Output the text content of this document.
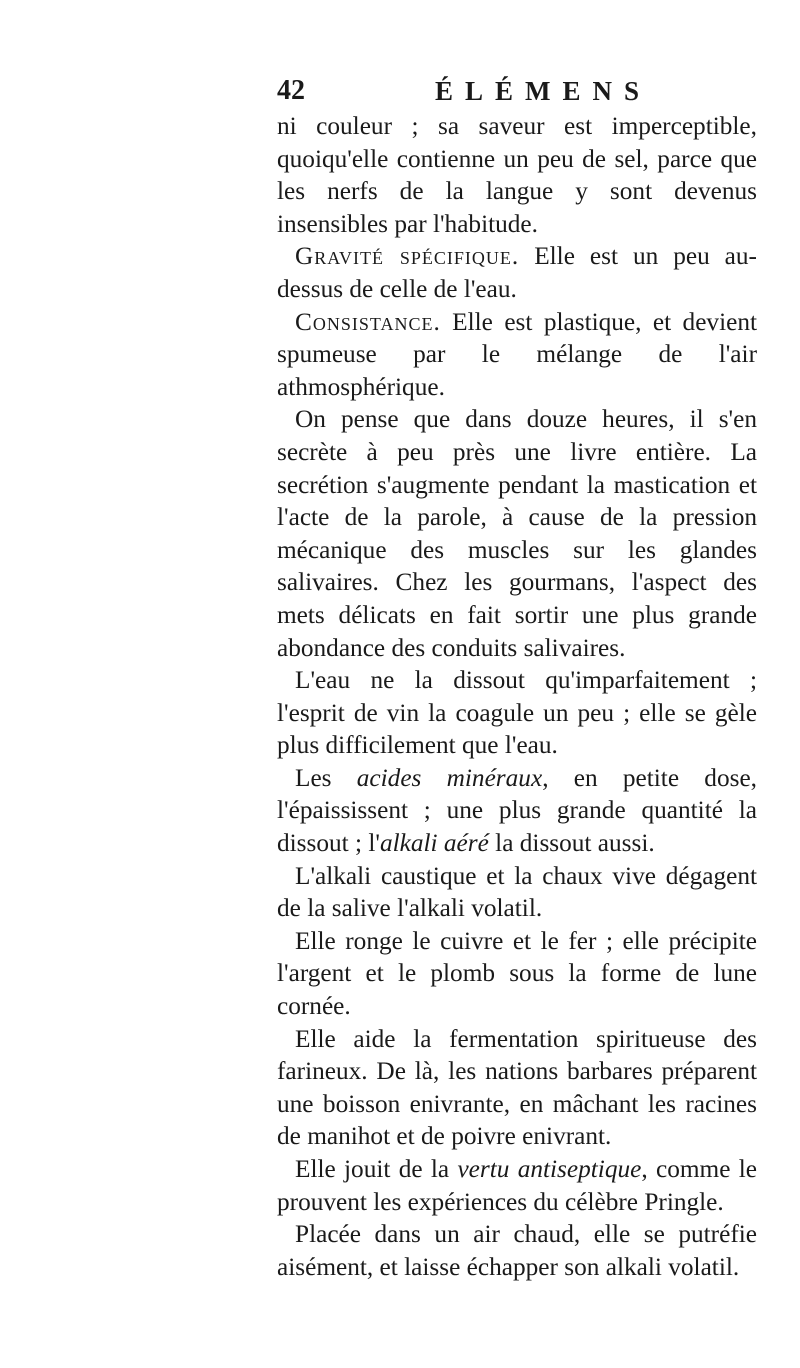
42	ÉLÉMENS

ni couleur ; sa saveur est imperceptible, quoiqu'elle contienne un peu de sel, parce que les nerfs de la langue y sont devenus insensibles par l'habitude.

Gravité spécifique. Elle est un peu au-dessus de celle de l'eau.

Consistance. Elle est plastique, et devient spumeuse par le mélange de l'air athmosphérique.

On pense que dans douze heures, il s'en secrète à peu près une livre entière. La secrétion s'augmente pendant la mastication et l'acte de la parole, à cause de la pression mécanique des muscles sur les glandes salivaires. Chez les gourmans, l'aspect des mets délicats en fait sortir une plus grande abondance des conduits salivaires.

L'eau ne la dissout qu'imparfaitement ; l'esprit de vin la coagule un peu ; elle se gèle plus difficilement que l'eau.

Les acides minéraux, en petite dose, l'épaississent ; une plus grande quantité la dissout ; l'alkali aéré la dissout aussi.

L'alkali caustique et la chaux vive dégagent de la salive l'alkali volatil.

Elle ronge le cuivre et le fer ; elle précipite l'argent et le plomb sous la forme de lune cornée.

Elle aide la fermentation spiritueuse des farineux. De là, les nations barbares préparent une boisson enivrante, en mâchant les racines de manihot et de poivre enivrant.

Elle jouit de la vertu antiseptique, comme le prouvent les expériences du célèbre Pringle.

Placée dans un air chaud, elle se putréfie aisément, et laisse échapper son alkali volatil.
